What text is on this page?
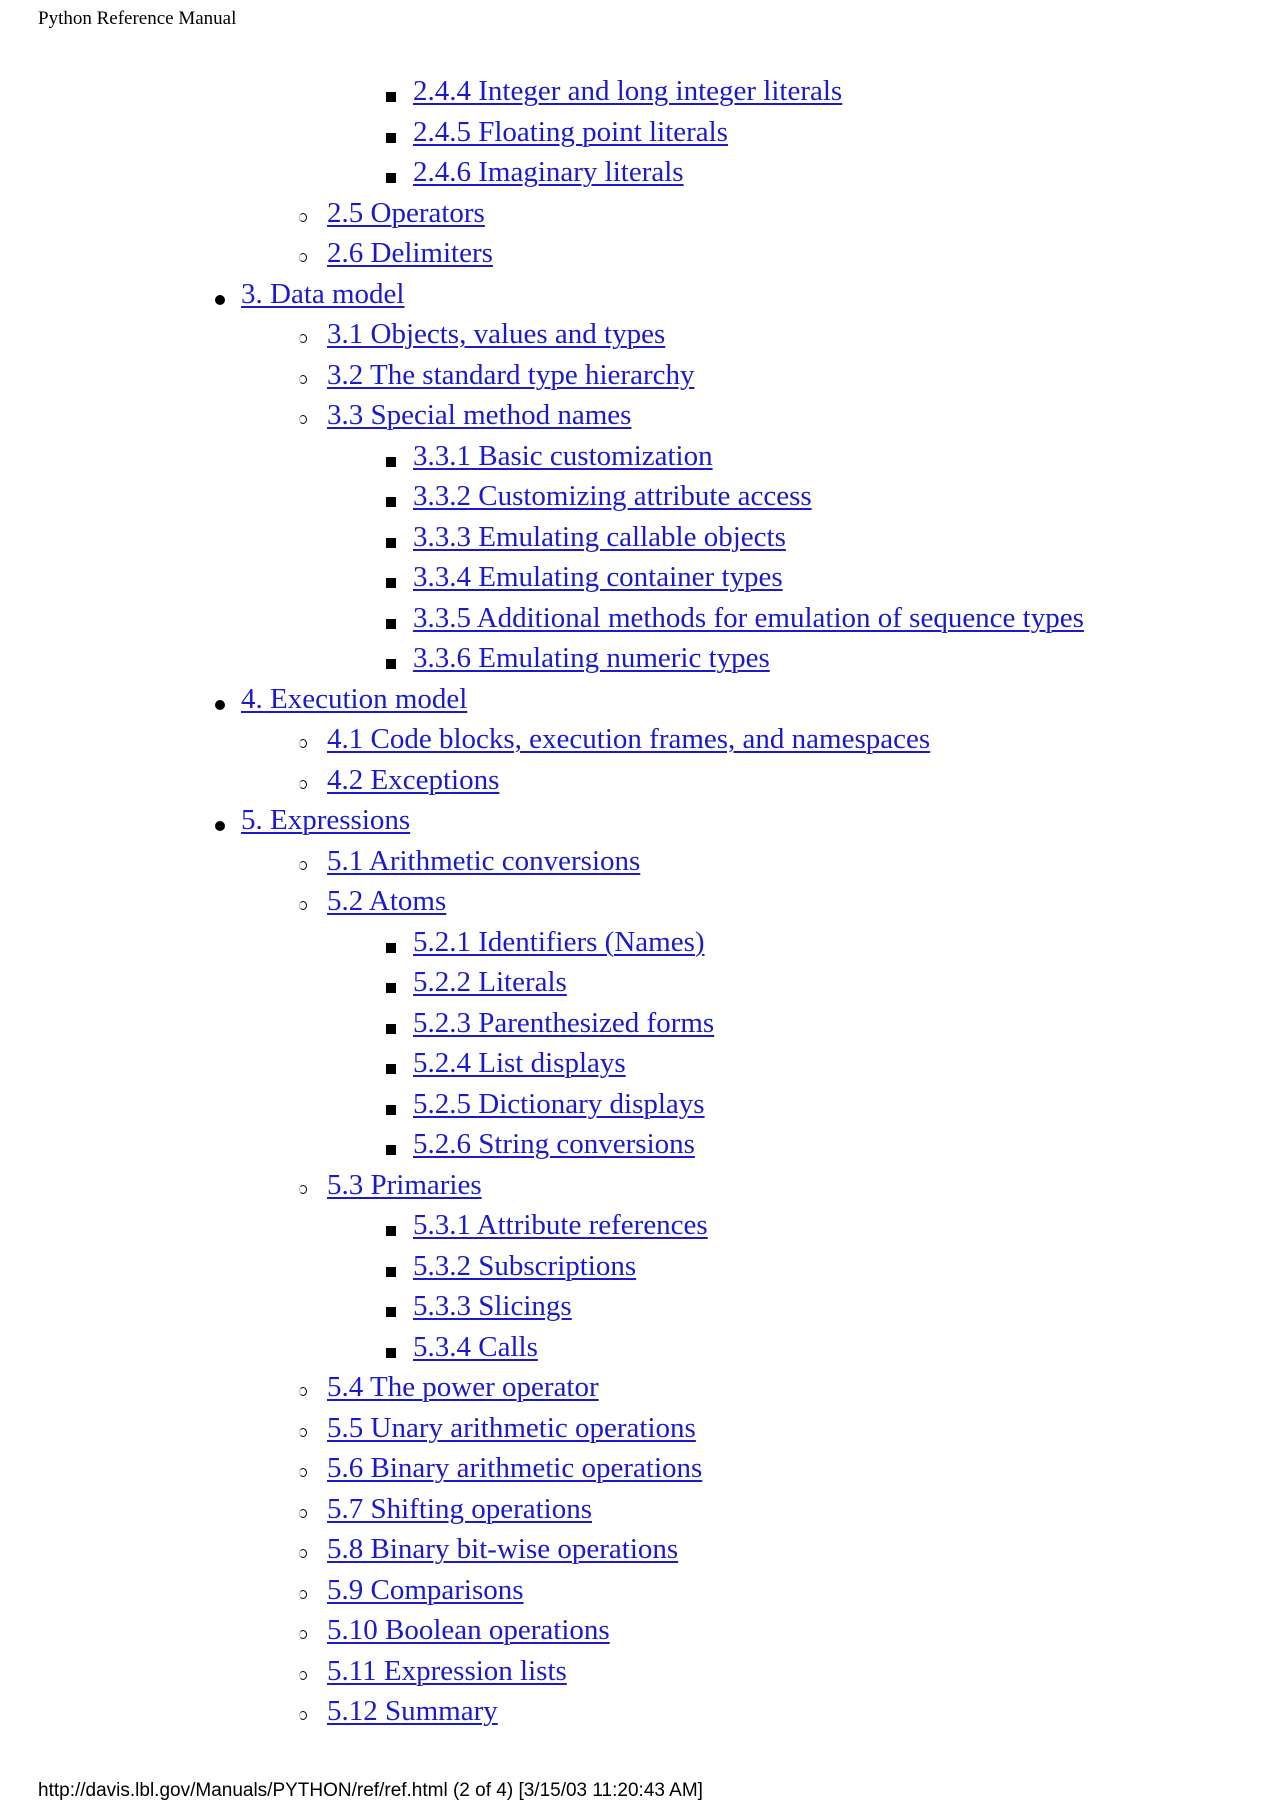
Python Reference Manual
2.4.4 Integer and long integer literals
2.4.5 Floating point literals
2.4.6 Imaginary literals
2.5 Operators
2.6 Delimiters
3. Data model
3.1 Objects, values and types
3.2 The standard type hierarchy
3.3 Special method names
3.3.1 Basic customization
3.3.2 Customizing attribute access
3.3.3 Emulating callable objects
3.3.4 Emulating container types
3.3.5 Additional methods for emulation of sequence types
3.3.6 Emulating numeric types
4. Execution model
4.1 Code blocks, execution frames, and namespaces
4.2 Exceptions
5. Expressions
5.1 Arithmetic conversions
5.2 Atoms
5.2.1 Identifiers (Names)
5.2.2 Literals
5.2.3 Parenthesized forms
5.2.4 List displays
5.2.5 Dictionary displays
5.2.6 String conversions
5.3 Primaries
5.3.1 Attribute references
5.3.2 Subscriptions
5.3.3 Slicings
5.3.4 Calls
5.4 The power operator
5.5 Unary arithmetic operations
5.6 Binary arithmetic operations
5.7 Shifting operations
5.8 Binary bit-wise operations
5.9 Comparisons
5.10 Boolean operations
5.11 Expression lists
5.12 Summary
http://davis.lbl.gov/Manuals/PYTHON/ref/ref.html (2 of 4) [3/15/03 11:20:43 AM]
